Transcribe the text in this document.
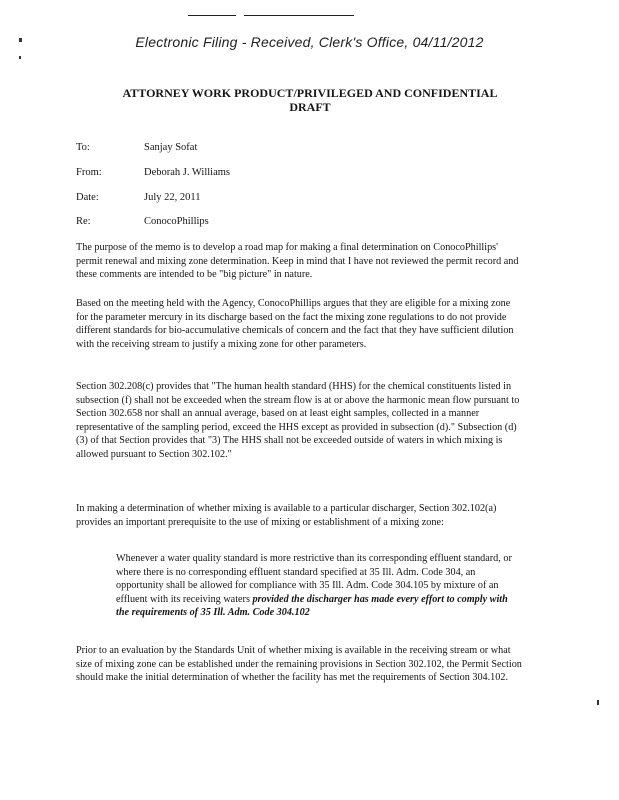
Electronic Filing - Received, Clerk's Office, 04/11/2012
ATTORNEY WORK PRODUCT/PRIVILEGED AND CONFIDENTIAL
DRAFT
To:	Sanjay Sofat
From:	Deborah J. Williams
Date:	July 22, 2011
Re:	ConocoPhillips
The purpose of the memo is to develop a road map for making a final determination on ConocoPhillips' permit renewal and mixing zone determination. Keep in mind that I have not reviewed the permit record and these comments are intended to be "big picture" in nature.
Based on the meeting held with the Agency, ConocoPhillips argues that they are eligible for a mixing zone for the parameter mercury in its discharge based on the fact the mixing zone regulations to do not provide different standards for bio-accumulative chemicals of concern and the fact that they have sufficient dilution with the receiving stream to justify a mixing zone for other parameters.
Section 302.208(c) provides that "The human health standard (HHS) for the chemical constituents listed in subsection (f) shall not be exceeded when the stream flow is at or above the harmonic mean flow pursuant to Section 302.658 nor shall an annual average, based on at least eight samples, collected in a manner representative of the sampling period, exceed the HHS except as provided in subsection (d)." Subsection (d)(3) of that Section provides that "3) The HHS shall not be exceeded outside of waters in which mixing is allowed pursuant to Section 302.102."
In making a determination of whether mixing is available to a particular discharger, Section 302.102(a) provides an important prerequisite to the use of mixing or establishment of a mixing zone:
Whenever a water quality standard is more restrictive than its corresponding effluent standard, or where there is no corresponding effluent standard specified at 35 Ill. Adm. Code 304, an opportunity shall be allowed for compliance with 35 Ill. Adm. Code 304.105 by mixture of an effluent with its receiving waters provided the discharger has made every effort to comply with the requirements of 35 Ill. Adm. Code 304.102
Prior to an evaluation by the Standards Unit of whether mixing is available in the receiving stream or what size of mixing zone can be established under the remaining provisions in Section 302.102, the Permit Section should make the initial determination of whether the facility has met the requirements of Section 304.102.
